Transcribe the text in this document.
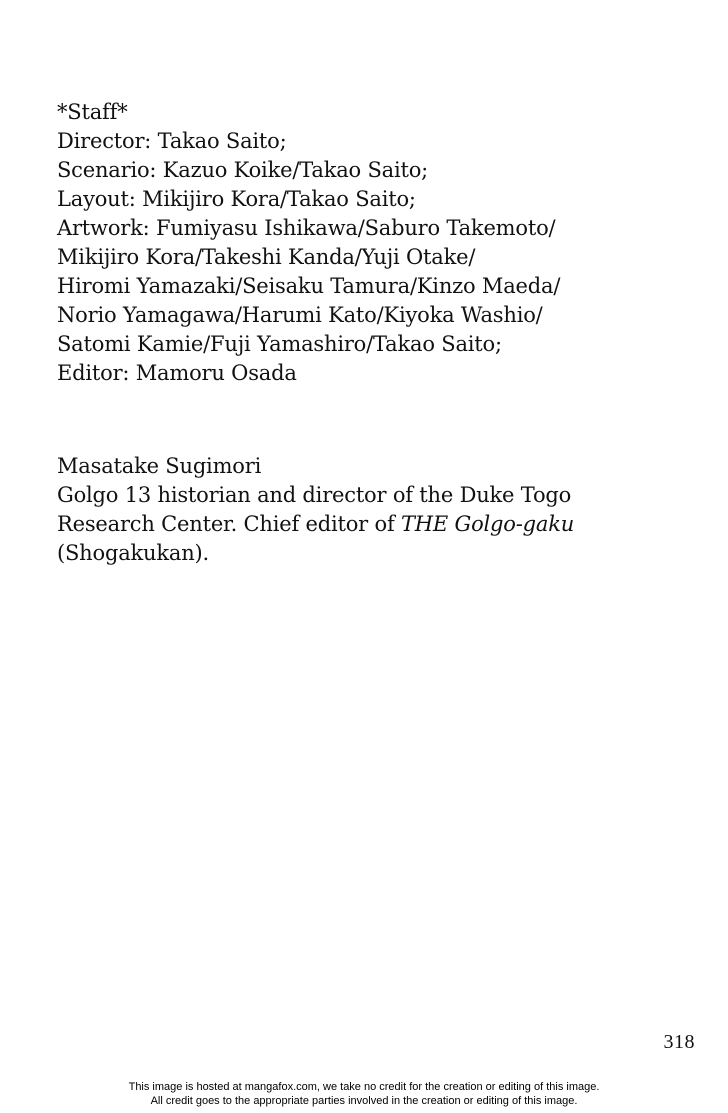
*Staff*
Director: Takao Saito;
Scenario: Kazuo Koike/Takao Saito;
Layout: Mikijiro Kora/Takao Saito;
Artwork: Fumiyasu Ishikawa/Saburo Takemoto/
Mikijiro Kora/Takeshi Kanda/Yuji Otake/
Hiromi Yamazaki/Seisaku Tamura/Kinzo Maeda/
Norio Yamagawa/Harumi Kato/Kiyoka Washio/
Satomi Kamie/Fuji Yamashiro/Takao Saito;
Editor: Mamoru Osada
Masatake Sugimori
Golgo 13 historian and director of the Duke Togo
Research Center. Chief editor of THE Golgo-gaku
(Shogakukan).
318
This image is hosted at mangafox.com, we take no credit for the creation or editing of this image.
All credit goes to the appropriate parties involved in the creation or editing of this image.
